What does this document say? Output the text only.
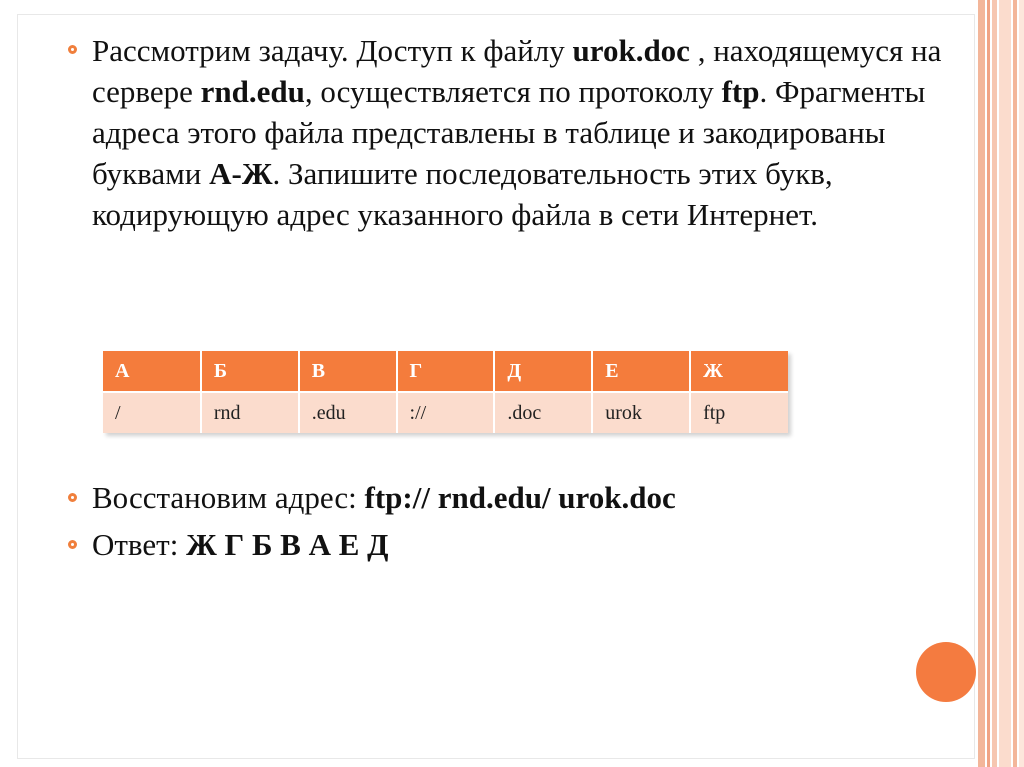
Рассмотрим задачу. Доступ к файлу urok.doc , находящемуся на сервере rnd.edu, осуществляется по протоколу ftp. Фрагменты адреса этого файла представлены в таблице и закодированы буквами А-Ж. Запишите последовательность этих букв, кодирующую адрес указанного файла в сети Интернет.
А	Б	В	Г	Д	Е	Ж
/	rnd	.edu	://	.doc	urok	ftp
Восстановим адрес: ftp:// rnd.edu/ urok.doc
Ответ: Ж Г Б В А Е Д
